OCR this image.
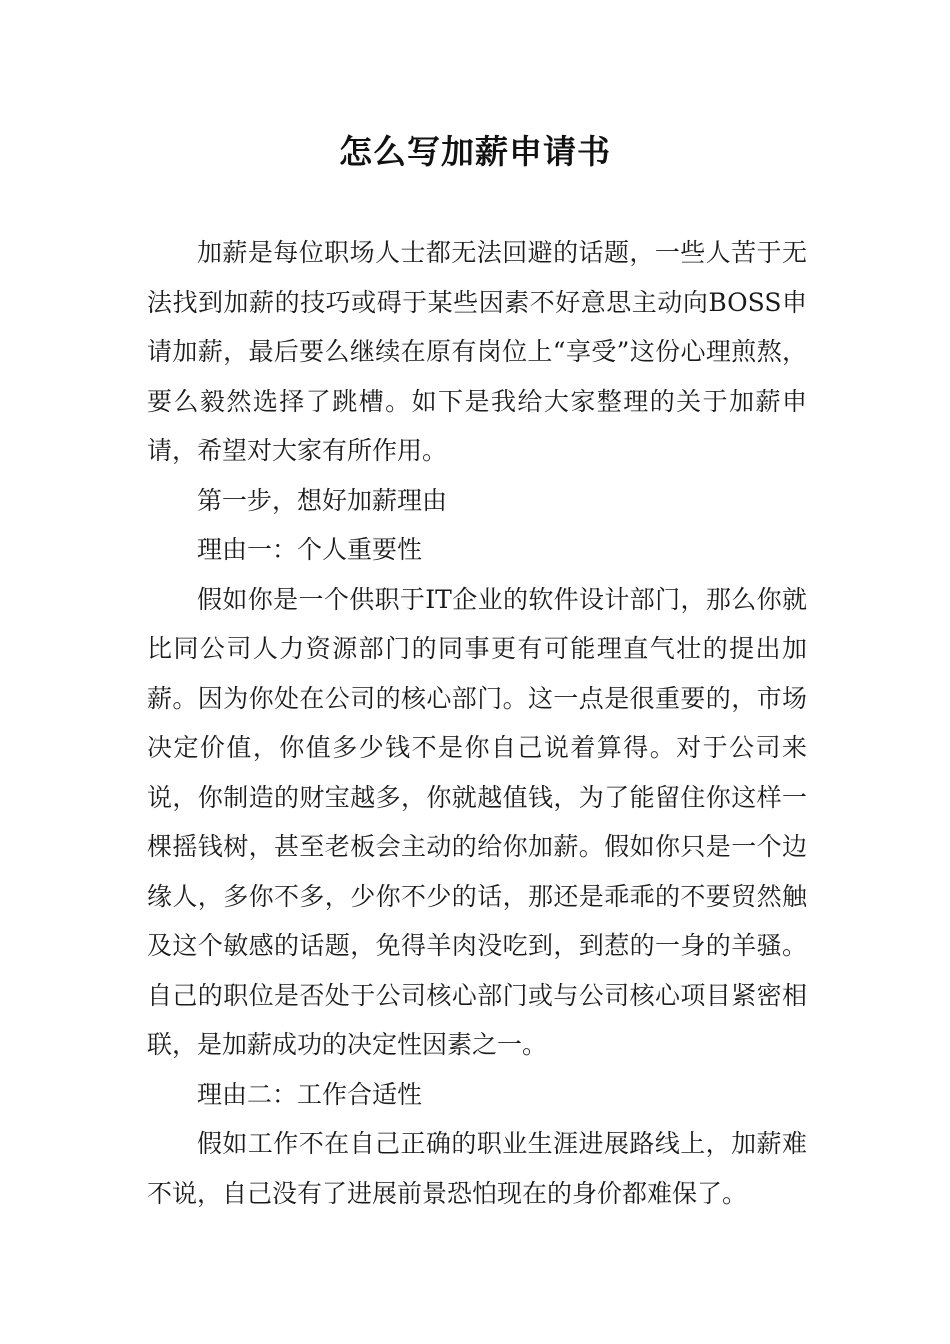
怎么写加薪申请书

加薪是每位职场人士都无法回避的话题，一些人苦于无法找到加薪的技巧或碍于某些因素不好意思主动向BOSS申请加薪，最后要么继续在原有岗位上“享受”这份心理煎熬，要么毅然选择了跳槽。如下是我给大家整理的关于加薪申请，希望对大家有所作用。

第一步，想好加薪理由

理由一：个人重要性

假如你是一个供职于IT企业的软件设计部门，那么你就比同公司人力资源部门的同事更有可能理直气壮的提出加薪。因为你处在公司的核心部门。这一点是很重要的，市场决定价值，你值多少钱不是你自己说着算得。对于公司来说，你制造的财宝越多，你就越值钱，为了能留住你这样一棵摇钱树，甚至老板会主动的给你加薪。假如你只是一个边缘人，多你不多，少你不少的话，那还是乖乖的不要贸然触及这个敏感的话题，免得羊肉没吃到，到惹的一身的羊骚。自己的职位是否处于公司核心部门或与公司核心项目紧密相联，是加薪成功的决定性因素之一。

理由二：工作合适性

假如工作不在自己正确的职业生涯进展路线上，加薪难不说，自己没有了进展前景恐怕现在的身价都难保了。
